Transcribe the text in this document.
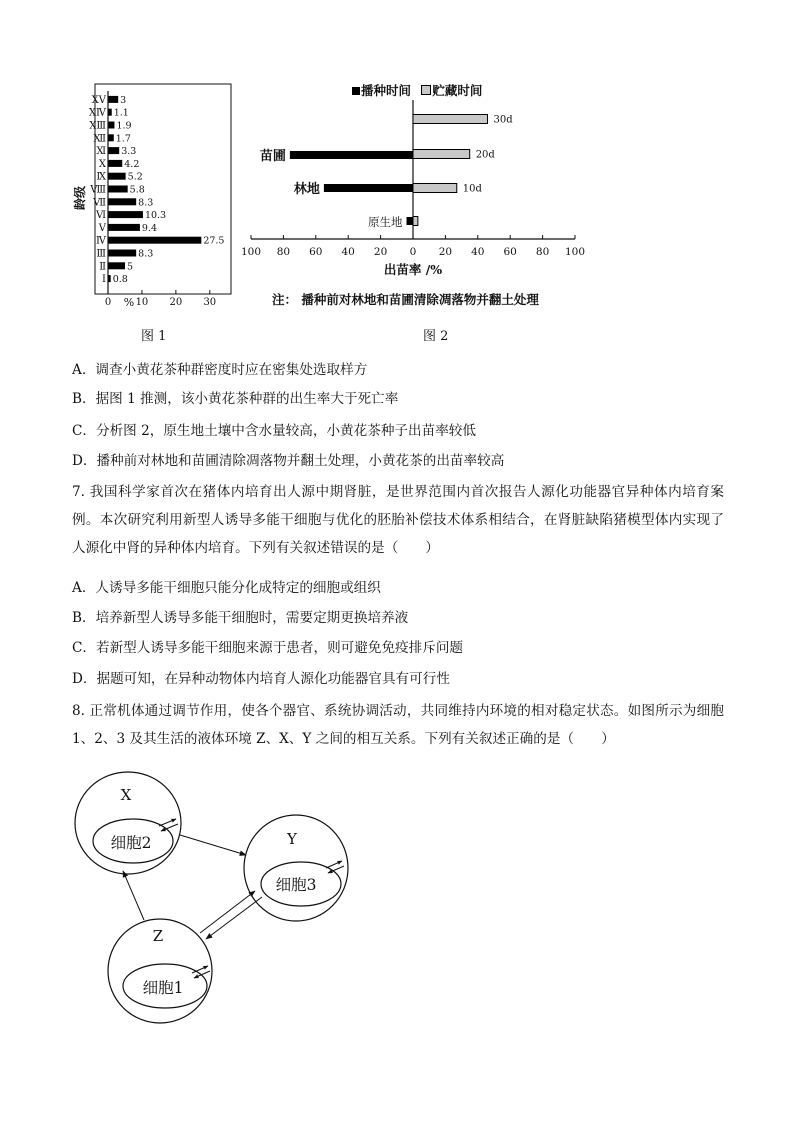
ⅩⅤ 3
ⅩⅣ 1.1
ⅩⅢ 1.9
Ⅻ 1.7
Ⅺ 3.3
Ⅹ 4.2
Ⅸ 5.2
Ⅷ 5.8
Ⅶ	8.3
Ⅵ	10.3
Ⅴ	9.4
Ⅳ	27.5
Ⅲ	8.3
Ⅱ 5
Ⅰ 0.8
0 10 20 30
龄级
%
图 1
播种时间 贮藏时间
100 80 60 40 20 0 20 40 60 80 100
苗圃
林地
原生地
30d
20d
10d
出苗率 /%
注： 播种前对林地和苗圃清除凋落物并翻土处理
图 2
A．调查小黄花茶种群密度时应在密集处选取样方
B．据图 1 推测，该小黄花茶种群的出生率大于死亡率
C．分析图 2，原生地土壤中含水量较高，小黄花茶种子出苗率较低
D．播种前对林地和苗圃清除凋落物并翻土处理，小黄花茶的出苗率较高
7. 我国科学家首次在猪体内培育出人源中期肾脏，是世界范围内首次报告人源化功能器官异种体内培育案例。本次研究利用新型人诱导多能干细胞与优化的胚胎补偿技术体系相结合，在肾脏缺陷猪模型体内实现了人源化中肾的异种体内培育。下列有关叙述错误的是（　　）
A．人诱导多能干细胞只能分化成特定的细胞或组织
B．培养新型人诱导多能干细胞时，需要定期更换培养液
C．若新型人诱导多能干细胞来源于患者，则可避免免疫排斥问题
D．据题可知，在异种动物体内培育人源化功能器官具有可行性
8. 正常机体通过调节作用，使各个器官、系统协调活动，共同维持内环境的相对稳定状态。如图所示为细胞 1、2、3 及其生活的液体环境 Z、X、Y 之间的相互关系。下列有关叙述正确的是（　　）
X
细胞2	Y
细胞3
Z
细胞1
